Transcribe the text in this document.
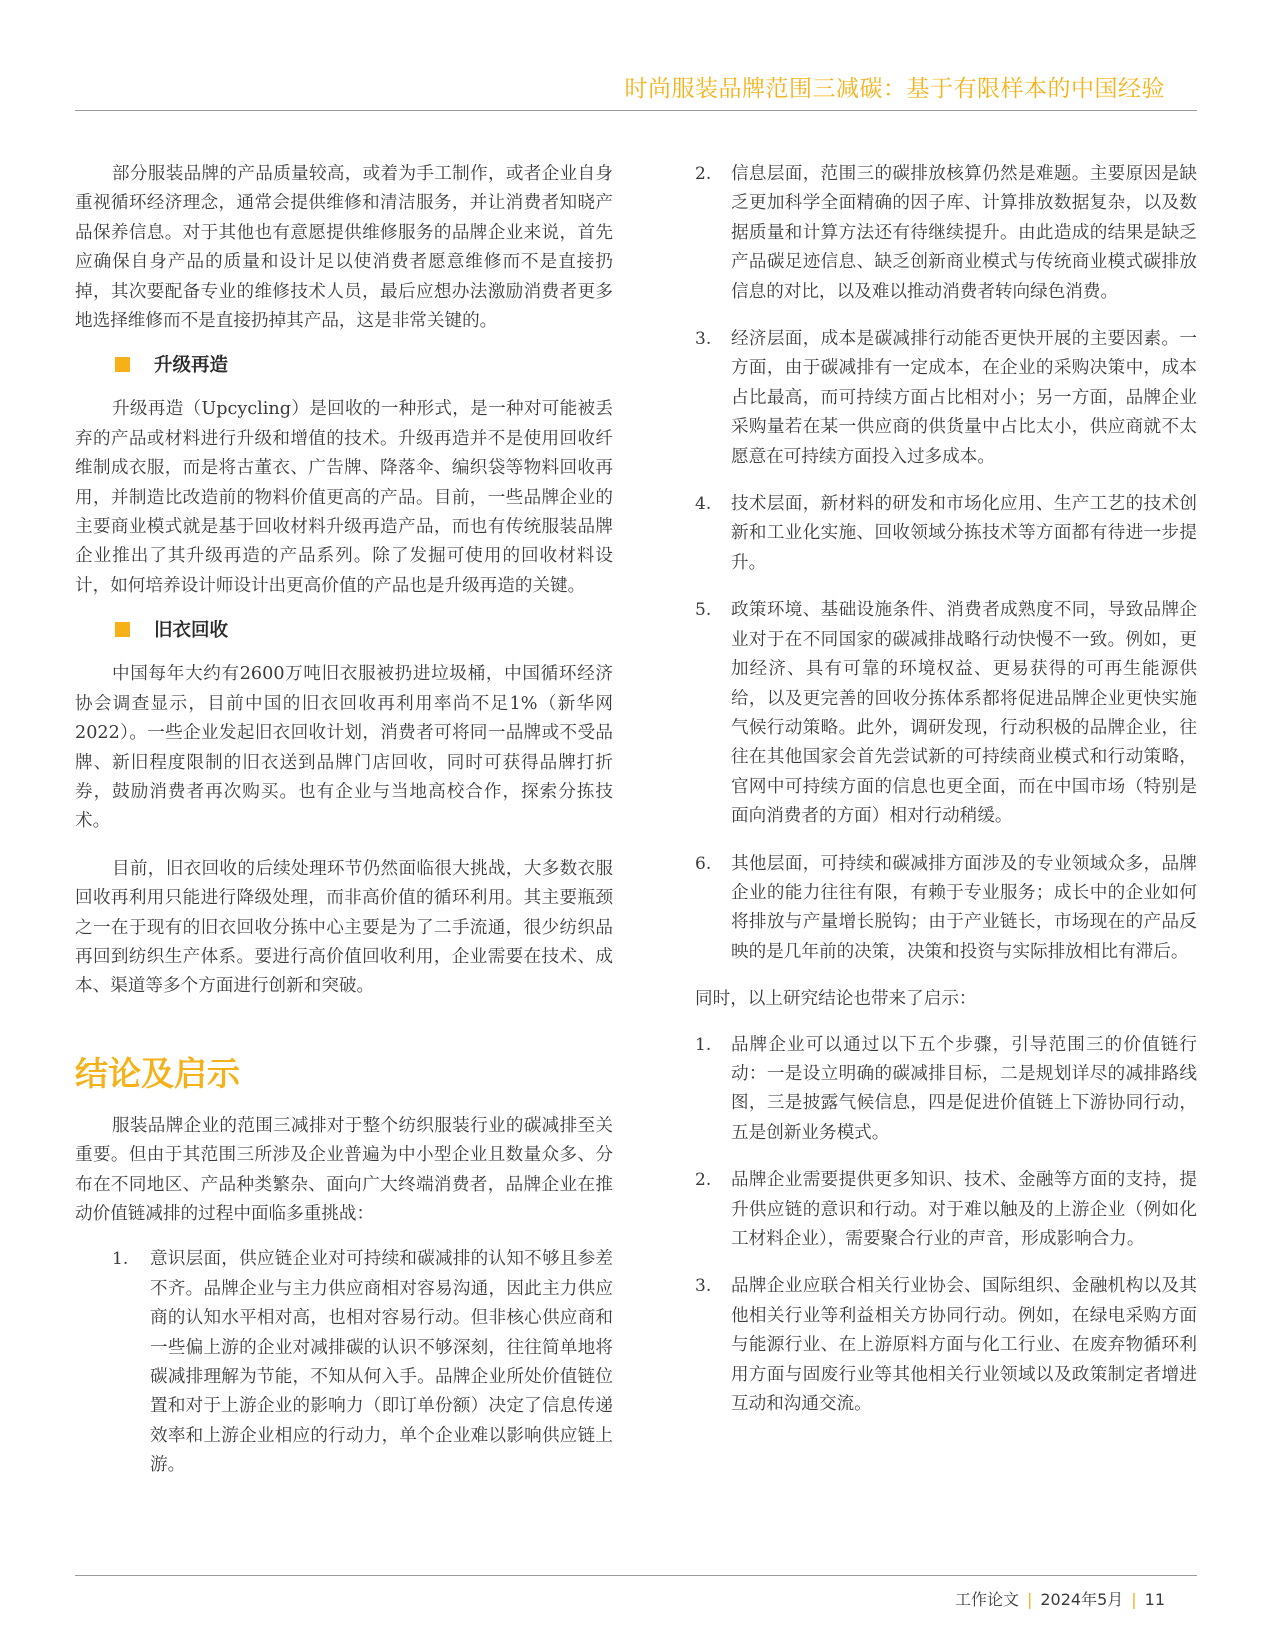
时尚服装品牌范围三减碳：基于有限样本的中国经验

部分服装品牌的产品质量较高，或着为手工制作，或者企业自身重视循环经济理念，通常会提供维修和清洁服务，并让消费者知晓产品保养信息。对于其他也有意愿提供维修服务的品牌企业来说，首先应确保自身产品的质量和设计足以使消费者愿意维修而不是直接扔掉，其次要配备专业的维修技术人员，最后应想办法激励消费者更多地选择维修而不是直接扔掉其产品，这是非常关键的。

升级再造

升级再造（Upcycling）是回收的一种形式，是一种对可能被丢弃的产品或材料进行升级和增值的技术。升级再造并不是使用回收纤维制成衣服，而是将古董衣、广告牌、降落伞、编织袋等物料回收再用，并制造比改造前的物料价值更高的产品。目前，一些品牌企业的主要商业模式就是基于回收材料升级再造产品，而也有传统服装品牌企业推出了其升级再造的产品系列。除了发掘可使用的回收材料设计，如何培养设计师设计出更高价值的产品也是升级再造的关键。

旧衣回收

中国每年大约有2600万吨旧衣服被扔进垃圾桶，中国循环经济协会调查显示，目前中国的旧衣回收再利用率尚不足1%（新华网 2022）。一些企业发起旧衣回收计划，消费者可将同一品牌或不受品牌、新旧程度限制的旧衣送到品牌门店回收，同时可获得品牌打折券，鼓励消费者再次购买。也有企业与当地高校合作，探索分拣技术。

目前，旧衣回收的后续处理环节仍然面临很大挑战，大多数衣服回收再利用只能进行降级处理，而非高价值的循环利用。其主要瓶颈之一在于现有的旧衣回收分拣中心主要是为了二手流通，很少纺织品再回到纺织生产体系。要进行高价值回收利用，企业需要在技术、成本、渠道等多个方面进行创新和突破。

结论及启示

服装品牌企业的范围三减排对于整个纺织服装行业的碳减排至关重要。但由于其范围三所涉及企业普遍为中小型企业且数量众多、分布在不同地区、产品种类繁杂、面向广大终端消费者，品牌企业在推动价值链减排的过程中面临多重挑战：

1.	意识层面，供应链企业对可持续和碳减排的认知不够且参差不齐。品牌企业与主力供应商相对容易沟通，因此主力供应商的认知水平相对高，也相对容易行动。但非核心供应商和一些偏上游的企业对减排碳的认识不够深刻，往往简单地将碳减排理解为节能，不知从何入手。品牌企业所处价值链位置和对于上游企业的影响力（即订单份额）决定了信息传递效率和上游企业相应的行动力，单个企业难以影响供应链上游。

2.	信息层面，范围三的碳排放核算仍然是难题。主要原因是缺乏更加科学全面精确的因子库、计算排放数据复杂，以及数据质量和计算方法还有待继续提升。由此造成的结果是缺乏产品碳足迹信息、缺乏创新商业模式与传统商业模式碳排放信息的对比，以及难以推动消费者转向绿色消费。

3.	经济层面，成本是碳减排行动能否更快开展的主要因素。一方面，由于碳减排有一定成本，在企业的采购决策中，成本占比最高，而可持续方面占比相对小；另一方面，品牌企业采购量若在某一供应商的供货量中占比太小，供应商就不太愿意在可持续方面投入过多成本。

4.	技术层面，新材料的研发和市场化应用、生产工艺的技术创新和工业化实施、回收领域分拣技术等方面都有待进一步提升。

5.	政策环境、基础设施条件、消费者成熟度不同，导致品牌企业对于在不同国家的碳减排战略行动快慢不一致。例如，更加经济、具有可靠的环境权益、更易获得的可再生能源供给，以及更完善的回收分拣体系都将促进品牌企业更快实施气候行动策略。此外，调研发现，行动积极的品牌企业，往往在其他国家会首先尝试新的可持续商业模式和行动策略，官网中可持续方面的信息也更全面，而在中国市场（特别是面向消费者的方面）相对行动稍缓。

6.	其他层面，可持续和碳减排方面涉及的专业领域众多，品牌企业的能力往往有限，有赖于专业服务；成长中的企业如何将排放与产量增长脱钩；由于产业链长，市场现在的产品反映的是几年前的决策，决策和投资与实际排放相比有滞后。

同时，以上研究结论也带来了启示：

1.	品牌企业可以通过以下五个步骤，引导范围三的价值链行动：一是设立明确的碳减排目标，二是规划详尽的减排路线图，三是披露气候信息，四是促进价值链上下游协同行动，五是创新业务模式。

2.	品牌企业需要提供更多知识、技术、金融等方面的支持，提升供应链的意识和行动。对于难以触及的上游企业（例如化工材料企业），需要聚合行业的声音，形成影响合力。

3.	品牌企业应联合相关行业协会、国际组织、金融机构以及其他相关行业等利益相关方协同行动。例如，在绿电采购方面与能源行业、在上游原料方面与化工行业、在废弃物循环利用方面与固废行业等其他相关行业领域以及政策制定者增进互动和沟通交流。

工作论文 | 2024年5月 | 11
